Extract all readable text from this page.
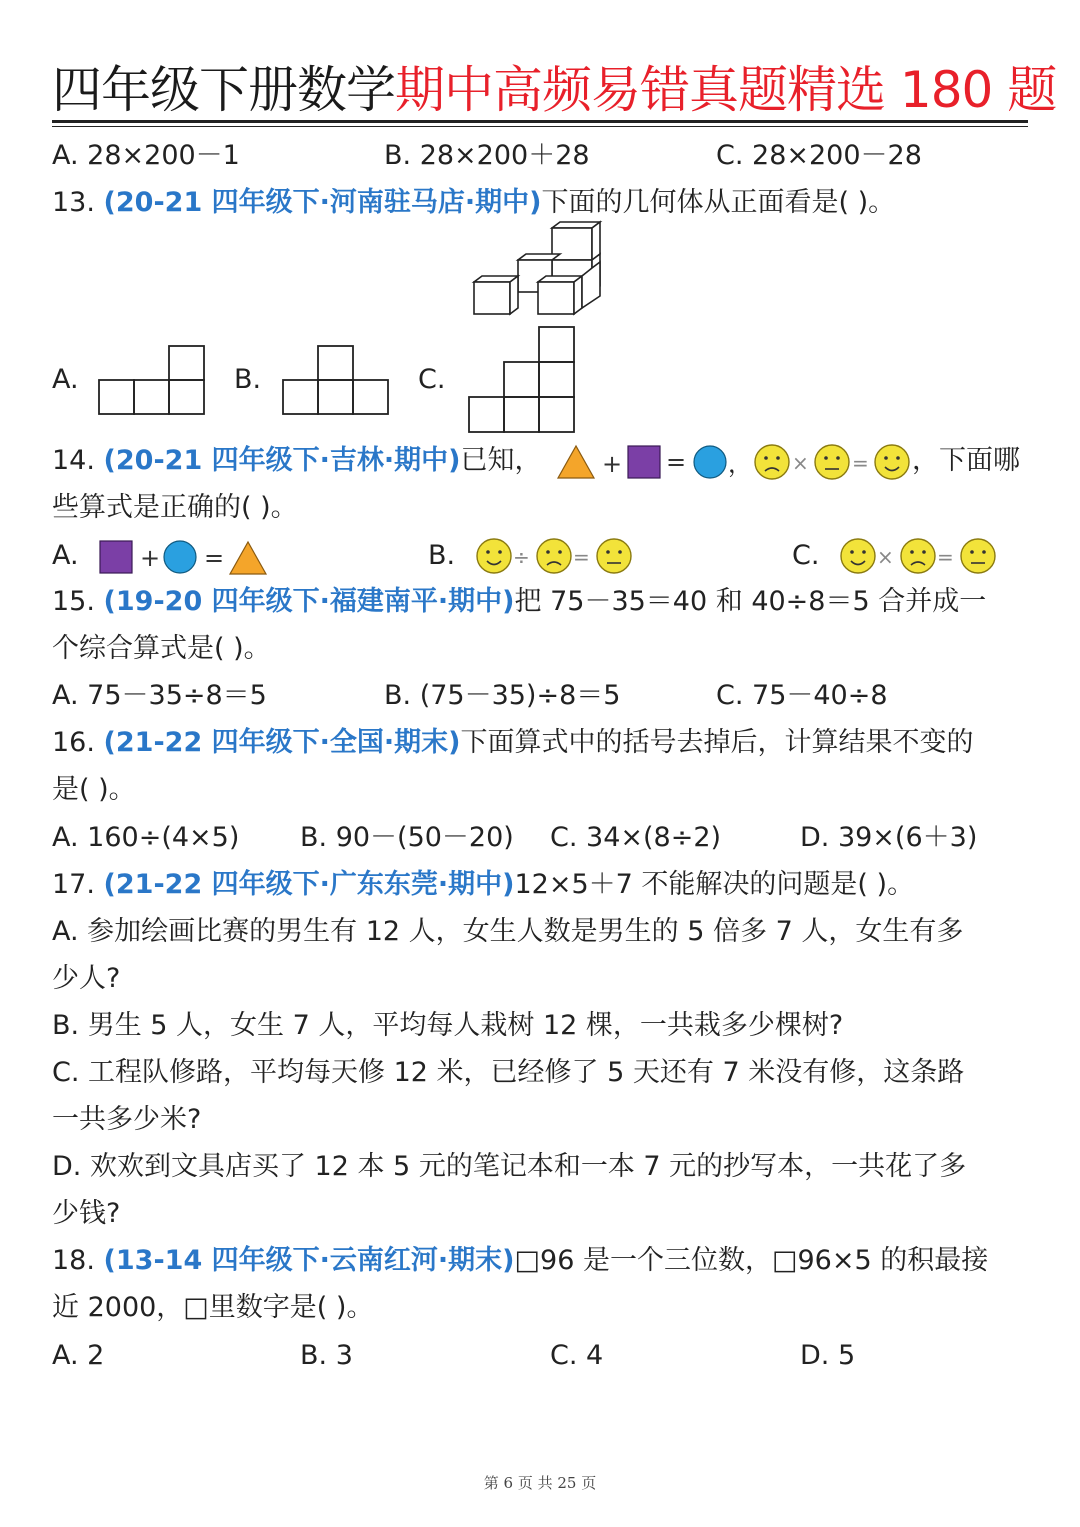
四年级下册数学期中高频易错真题精选 180 题
A. 28×200－1	B. 28×200＋28	C. 28×200－28
13. (20-21 四年级下·河南驻马店·期中)下面的几何体从正面看是( )。
A.	B.	C.
14. (20-21 四年级下·吉林·期中)已知，	+ = ， × = ，下面哪
些算式是正确的( )。
A.	+ =	B.	÷ =	C.	× =
15. (19-20 四年级下·福建南平·期中)把 75－35＝40 和 40÷8＝5 合并成一
个综合算式是( )。
A. 75－35÷8＝5	B. (75－35)÷8＝5	C. 75－40÷8
16. (21-22 四年级下·全国·期末)下面算式中的括号去掉后，计算结果不变的
是( )。
A. 160÷(4×5) B. 90－(50－20) C. 34×(8÷2)	D. 39×(6＋3)
17. (21-22 四年级下·广东东莞·期中)12×5＋7 不能解决的问题是( )。
A. 参加绘画比赛的男生有 12 人，女生人数是男生的 5 倍多 7 人，女生有多
少人?
B. 男生 5 人，女生 7 人，平均每人栽树 12 棵，一共栽多少棵树?
C. 工程队修路，平均每天修 12 米，已经修了 5 天还有 7 米没有修，这条路
一共多少米?
D. 欢欢到文具店买了 12 本 5 元的笔记本和一本 7 元的抄写本，一共花了多
少钱?
18. (13-14 四年级下·云南红河·期末)□96 是一个三位数，□96×5 的积最接
近 2000，□里数字是( )。
A. 2	B. 3	C. 4	D. 5
第 6 页 共 25 页
